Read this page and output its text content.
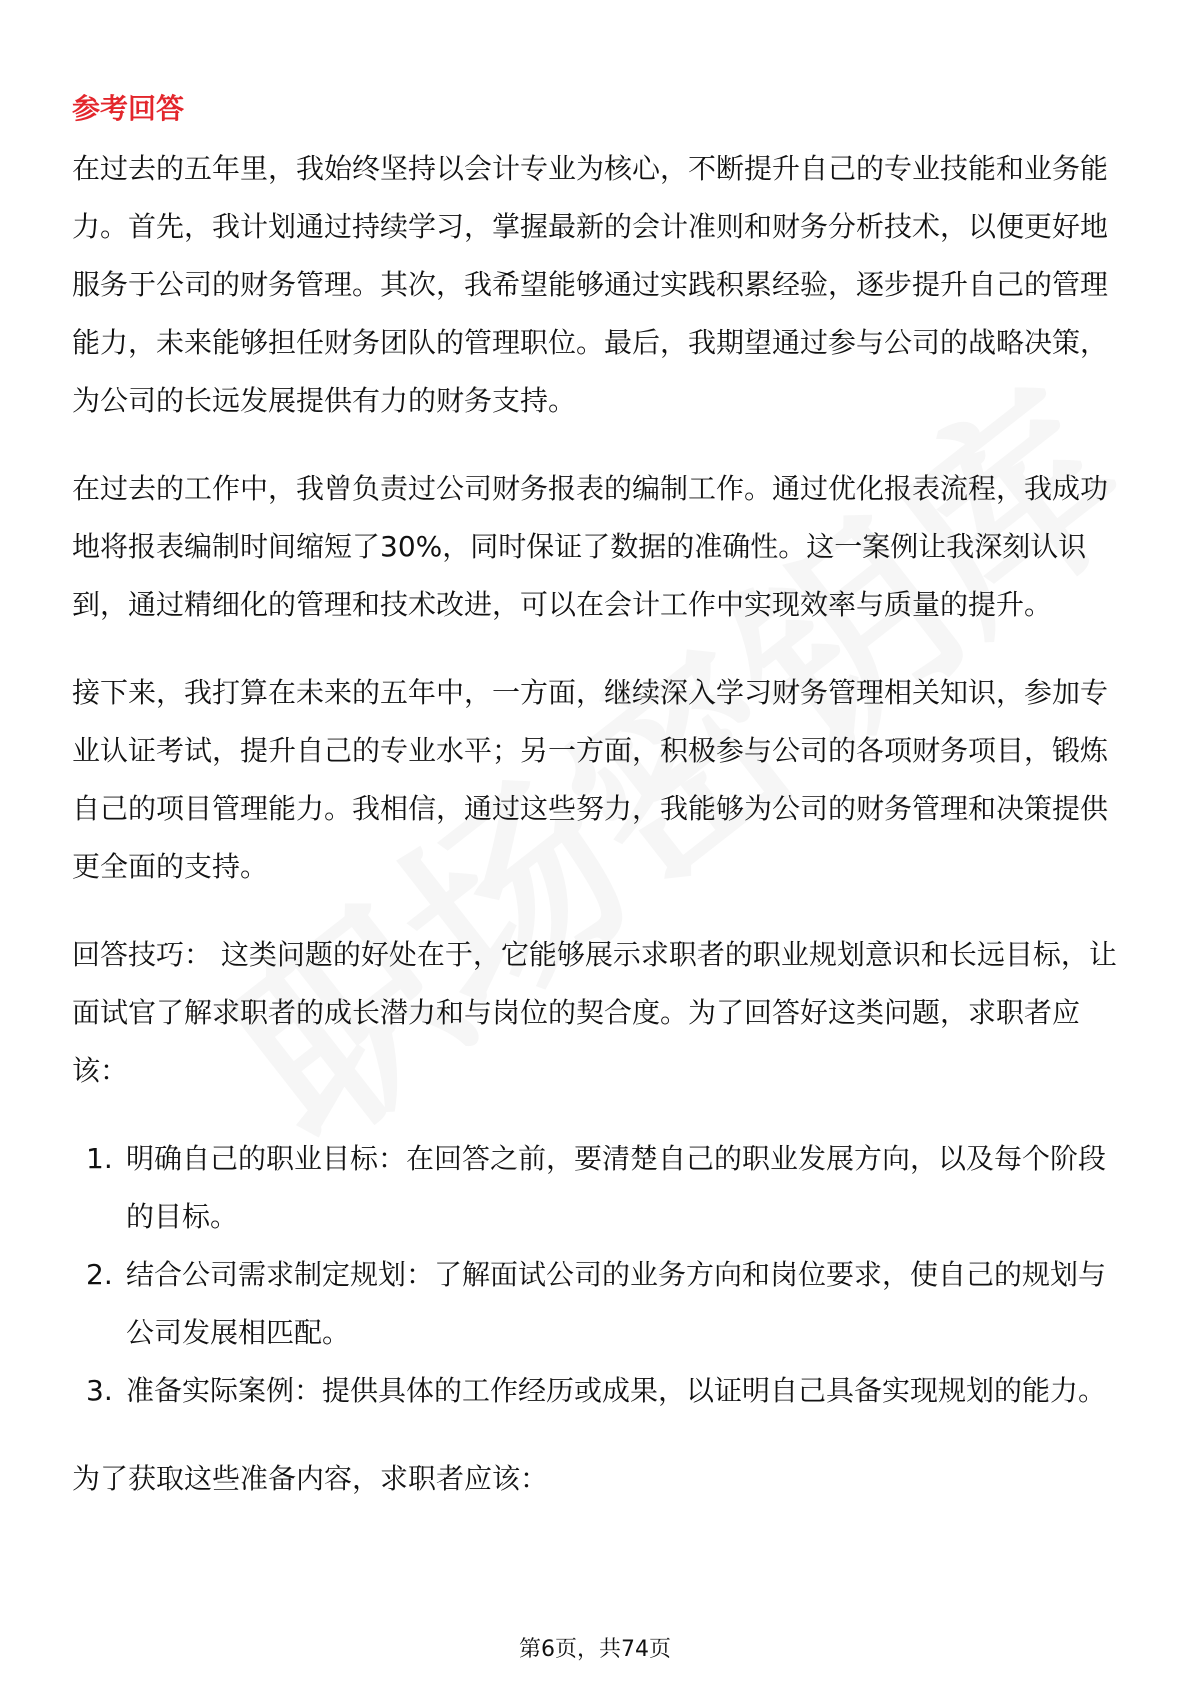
参考回答

在过去的五年里，我始终坚持以会计专业为核心，不断提升自己的专业技能和业务能力。首先，我计划通过持续学习，掌握最新的会计准则和财务分析技术，以便更好地服务于公司的财务管理。其次，我希望能够通过实践积累经验，逐步提升自己的管理能力，未来能够担任财务团队的管理职位。最后，我期望通过参与公司的战略决策，为公司的长远发展提供有力的财务支持。

在过去的工作中，我曾负责过公司财务报表的编制工作。通过优化报表流程，我成功地将报表编制时间缩短了30%，同时保证了数据的准确性。这一案例让我深刻认识到，通过精细化的管理和技术改进，可以在会计工作中实现效率与质量的提升。

接下来，我打算在未来的五年中，一方面，继续深入学习财务管理相关知识，参加专业认证考试，提升自己的专业水平；另一方面，积极参与公司的各项财务项目，锻炼自己的项目管理能力。我相信，通过这些努力，我能够为公司的财务管理和决策提供更全面的支持。

回答技巧： 这类问题的好处在于，它能够展示求职者的职业规划意识和长远目标，让面试官了解求职者的成长潜力和与岗位的契合度。为了回答好这类问题，求职者应该：

1. 明确自己的职业目标：在回答之前，要清楚自己的职业发展方向，以及每个阶段的目标。
2. 结合公司需求制定规划：了解面试公司的业务方向和岗位要求，使自己的规划与公司发展相匹配。
3. 准备实际案例：提供具体的工作经历或成果，以证明自己具备实现规划的能力。

为了获取这些准备内容，求职者应该：

第6页，共74页
